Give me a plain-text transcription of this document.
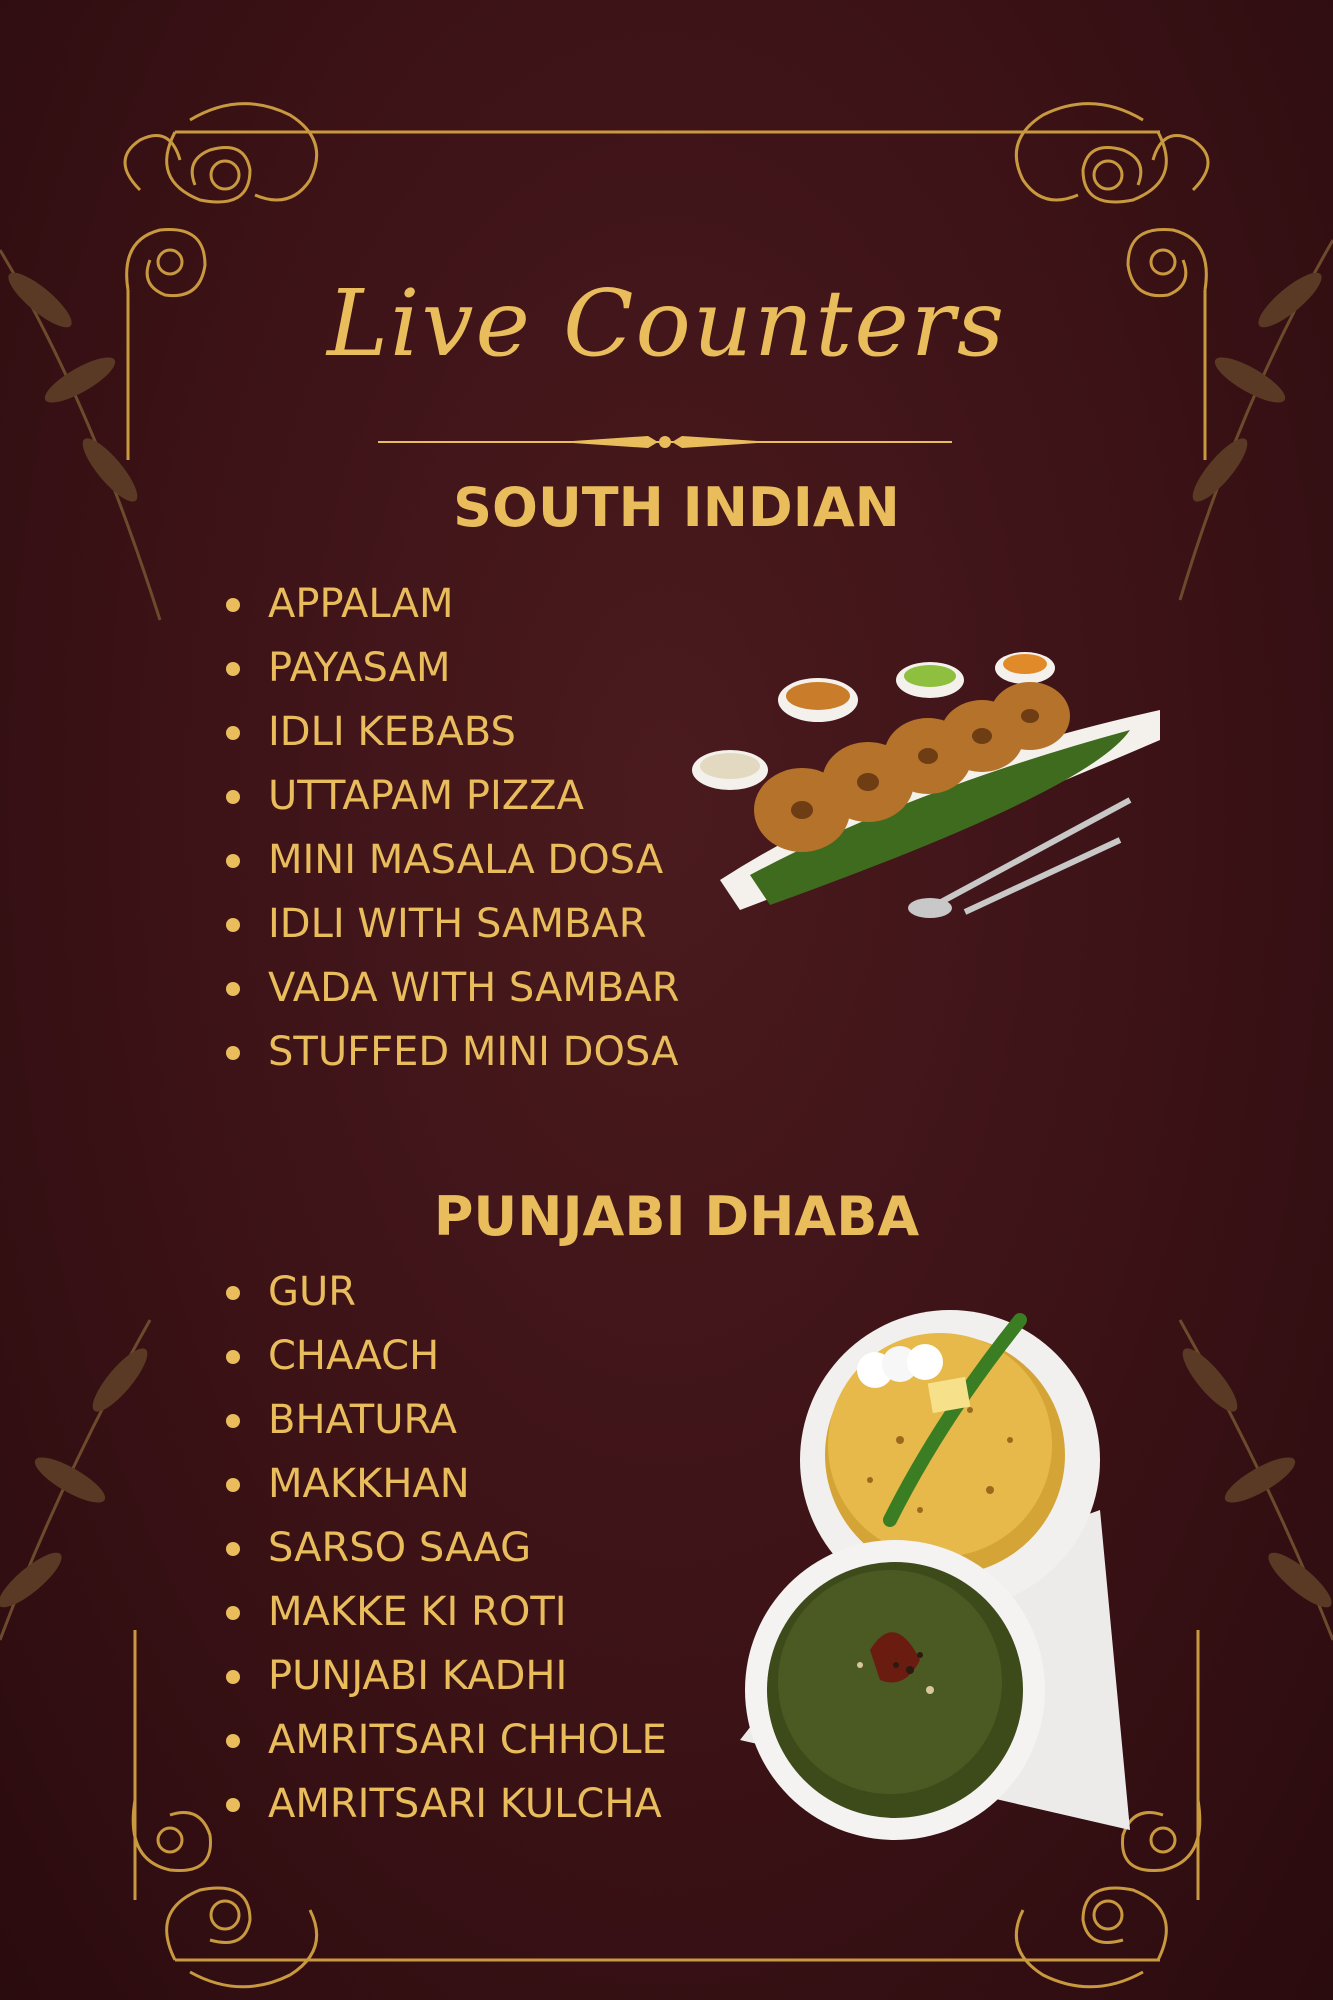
Live Counters
SOUTH INDIAN
APPALAM
PAYASAM
IDLI KEBABS
UTTAPAM PIZZA
MINI MASALA DOSA
IDLI WITH SAMBAR
VADA WITH SAMBAR
STUFFED MINI DOSA
PUNJABI DHABA
GUR
CHAACH
BHATURA
MAKKHAN
SARSO SAAG
MAKKE KI ROTI
PUNJABI KADHI
AMRITSARI CHHOLE
AMRITSARI KULCHA
